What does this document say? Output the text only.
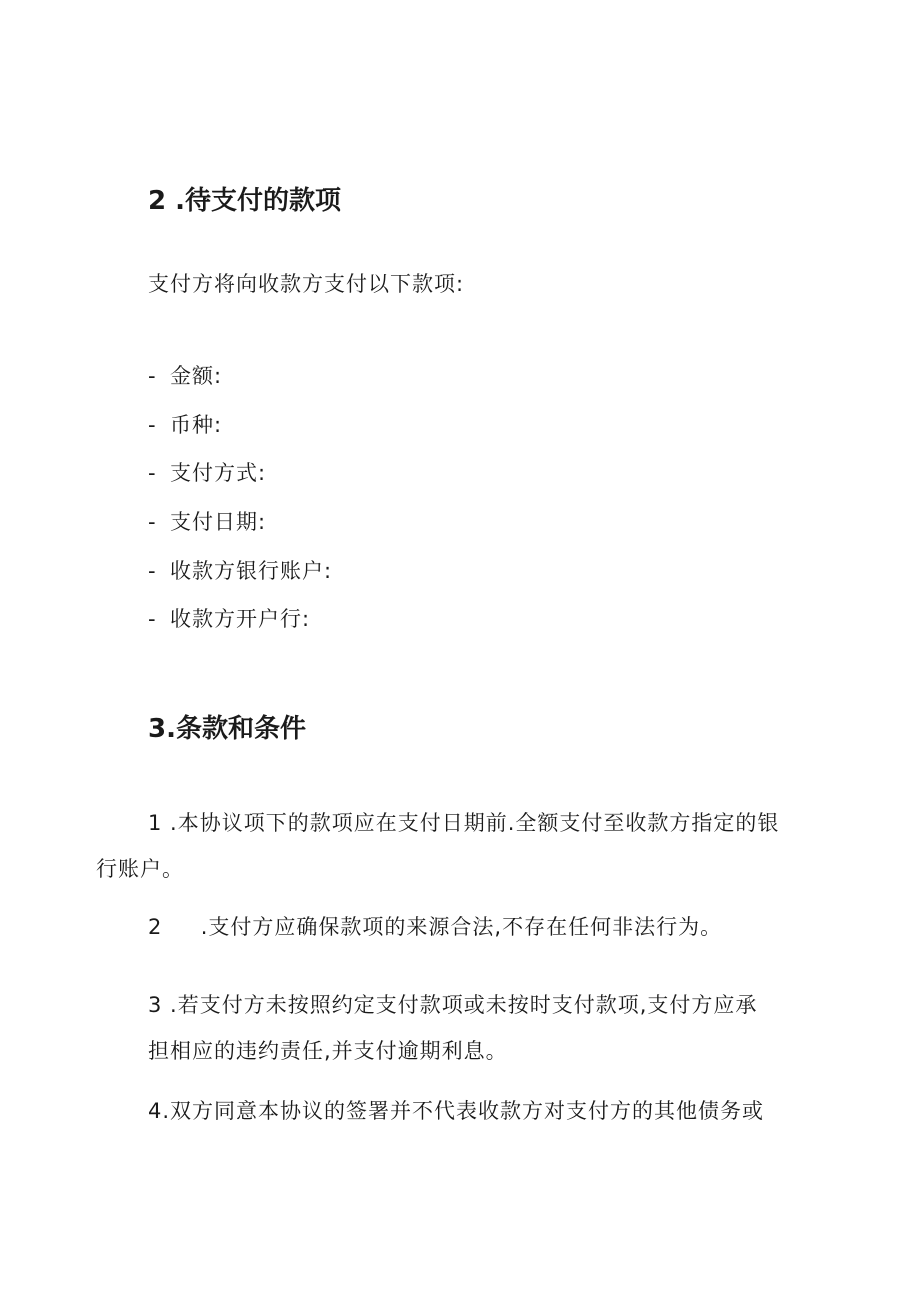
2 .待支付的款项
支付方将向收款方支付以下款项:
- 金额:
- 币种:
- 支付方式:
- 支付日期:
- 收款方银行账户:
- 收款方开户行:
3.条款和条件
1 .本协议项下的款项应在支付日期前.全额支付至收款方指定的银
行账户。
2     .支付方应确保款项的来源合法,不存在任何非法行为。
3 .若支付方未按照约定支付款项或未按时支付款项,支付方应承
担相应的违约责任,并支付逾期利息。
4.双方同意本协议的签署并不代表收款方对支付方的其他债务或
